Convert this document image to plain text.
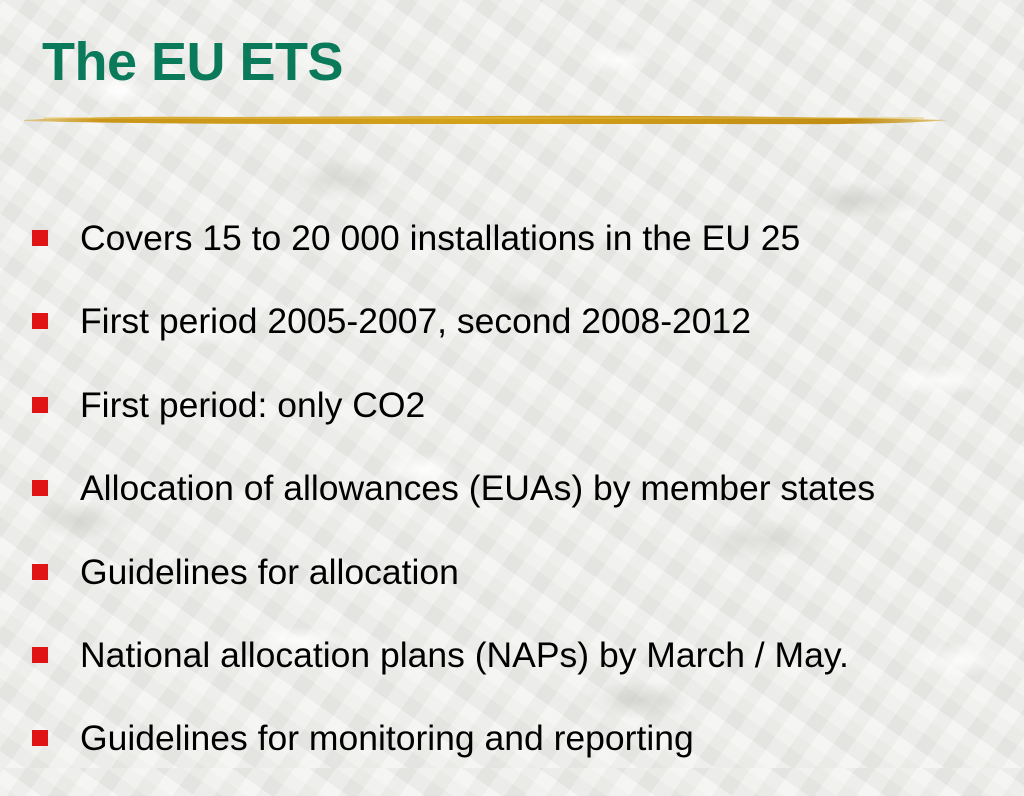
The EU ETS
Covers 15 to 20 000 installations in the EU 25
First period 2005-2007, second 2008-2012
First period: only CO2
Allocation of allowances (EUAs) by member states
Guidelines for allocation
National allocation plans (NAPs) by March / May.
Guidelines for monitoring and reporting
